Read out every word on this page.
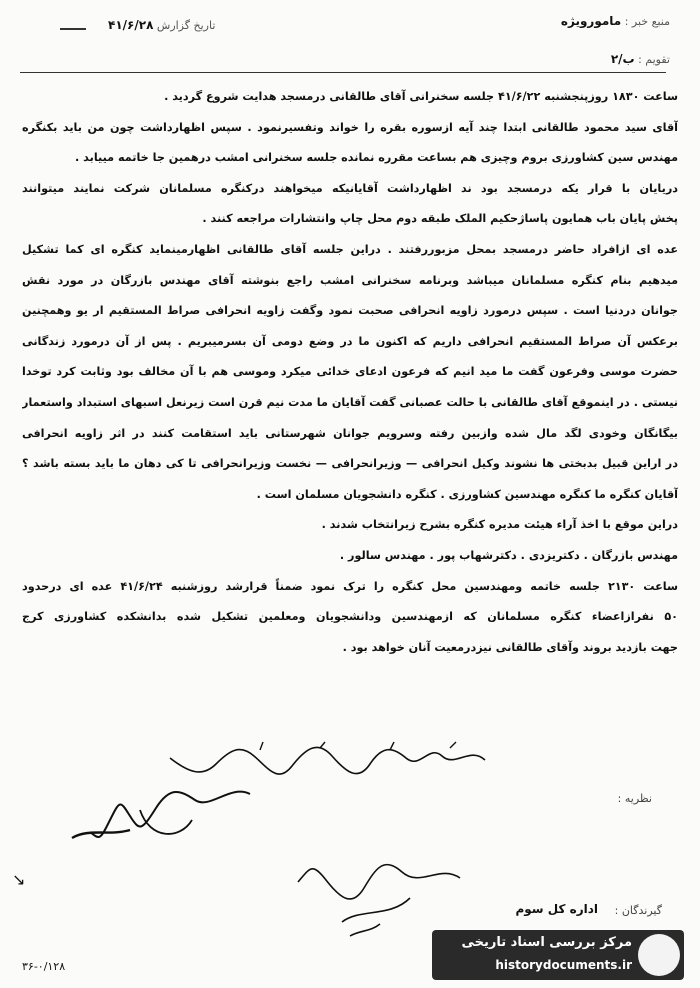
منبع خبر : مامورویژه
تاریخ گزارش ۴۱/۶/۲۸
تقویم : ب/۲
ساعت ۱۸۳۰ روزپنجشنبه ۴۱/۶/۲۲ جلسه سخنرانی آقای طالقانی درمسجد هدایت شروع گردید .
آقای سید محمود طالقانی ابتدا چند آیه ازسوره بقره را خواند وتفسیرنمود . سپس اظهارداشت چون من باید بکنگره
مهندس سین کشاورزی بروم وچیزی هم بساعت مقرره نمانده جلسه سخنرانی امشب درهمین جا خاتمه مییابد .
دریایان با قرار یکه درمسجد بود ند اظهارداشت آقایانیکه میخواهند درکنگره مسلمانان شرکت نمایند میتوانند
پخش پایان باب همایون پاساژحکیم الملک طبقه دوم محل چاپ وانتشارات مراجعه کنند .
عده ای ازافراد حاضر درمسجد بمحل مزبوررفتند . دراین جلسه آقای طالقانی اظهارمینماید کنگره ای کما تشکیل
میدهیم بنام کنگره مسلمانان میباشد وبرنامه سخنرانی امشب راجع بنوشته آقای مهندس بازرگان در مورد نقش
جوانان دردنیا است . سپس درمورد زاویه انحرافی صحبت نمود وگفت زاویه انحرافی صراط المستقیم ار یو وهمچنین
برعکس آن صراط المستقیم انحرافی داریم که اکنون ما در وضع دومی آن بسرمیبریم . پس از آن درمورد زندگانی
حضرت موسی وفرعون گفت ما مید انیم که فرعون ادعای خدائی میکرد وموسی هم با آن مخالف بود وثابت کرد توخدا
نیستی . در اینموقع آقای طالقانی با حالت عصبانی گفت آقایان ما مدت نیم قرن است زیرنعل اسبهای استبداد واستعمار
بیگانگان وخودی لگد مال شده وازبین رفته وسرویم جوانان شهرستانی باید استقامت کنند در اثر زاویه انحرافی
در اراین قبیل بدبختی ها نشوند وکیل انحرافی — وزیرانحرافی — نخست وزیرانحرافی تا کی دهان ما باید بسته باشد ؟
آقایان کنگره ما کنگره مهندسین کشاورزی . کنگره دانشجویان مسلمان است .
دراین موقع با اخذ آراء هیئت مدیره کنگره بشرح زیرانتخاب شدند .
مهندس بازرگان . دکتریزدی . دکترشهاب پور . مهندس سالور .
ساعت ۲۱۳۰ جلسه خاتمه ومهندسین محل کنگره را ترک نمود ضمناً قرارشد روزشنبه ۴۱/۶/۲۴ عده ای درحدود
۵۰ نفرازاعضاء کنگره مسلمانان که ازمهندسین ودانشجویان ومعلمین تشکیل شده بدانشکده کشاورزی کرج
جهت بازدید بروند وآقای طالقانی نیزدرمعیت آنان خواهد بود .
نظریه :
گیرندگان :
اداره کل سوم
↘
۳۶-۰/۱۲۸
مرکز بررسی اسناد تاریخی
historydocuments.ir
